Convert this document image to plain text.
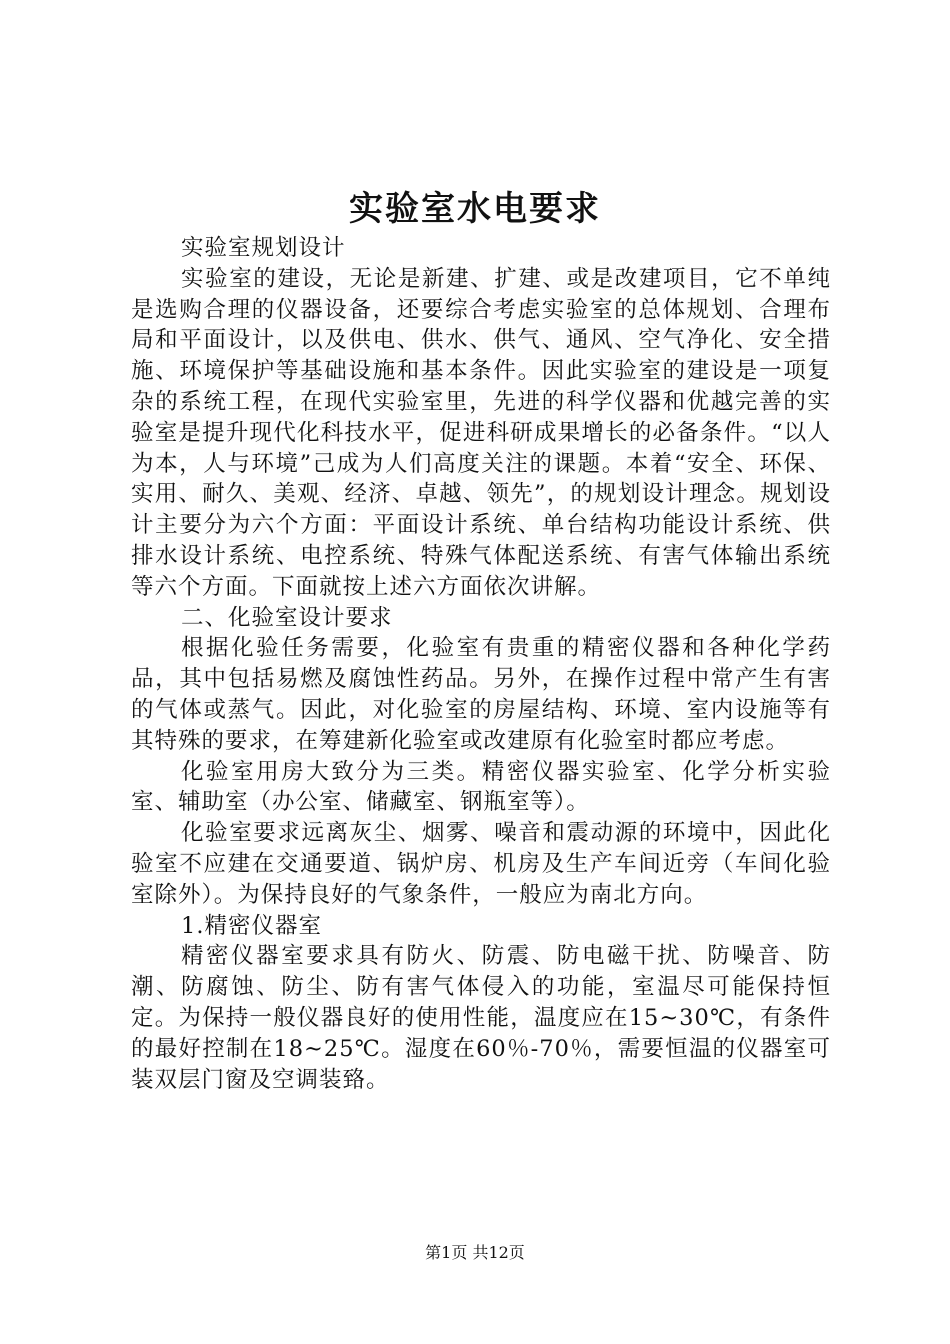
实验室水电要求

实验室规划设计

实验室的建设，无论是新建、扩建、或是改建项目，它不单纯是选购合理的仪器设备，还要综合考虑实验室的总体规划、合理布局和平面设计，以及供电、供水、供气、通风、空气净化、安全措施、环境保护等基础设施和基本条件。因此实验室的建设是一项复杂的系统工程，在现代实验室里，先进的科学仪器和优越完善的实验室是提升现代化科技水平，促进科研成果增长的必备条件。“以人为本，人与环境”己成为人们高度关注的课题。本着“安全、环保、实用、耐久、美观、经济、卓越、领先”，的规划设计理念。规划设计主要分为六个方面：平面设计系统、单台结构功能设计系统、供排水设计系统、电控系统、特殊气体配送系统、有害气体输出系统等六个方面。下面就按上述六方面依次讲解。

二、化验室设计要求

根据化验任务需要，化验室有贵重的精密仪器和各种化学药品，其中包括易燃及腐蚀性药品。另外，在操作过程中常产生有害的气体或蒸气。因此，对化验室的房屋结构、环境、室内设施等有其特殊的要求，在筹建新化验室或改建原有化验室时都应考虑。

化验室用房大致分为三类。精密仪器实验室、化学分析实验室、辅助室（办公室、储藏室、钢瓶室等）。

化验室要求远离灰尘、烟雾、噪音和震动源的环境中，因此化验室不应建在交通要道、锅炉房、机房及生产车间近旁（车间化验室除外）。为保持良好的气象条件，一般应为南北方向。

1.精密仪器室

精密仪器室要求具有防火、防震、防电磁干扰、防噪音、防潮、防腐蚀、防尘、防有害气体侵入的功能，室温尽可能保持恒定。为保持一般仪器良好的使用性能，温度应在15~30℃，有条件的最好控制在18~25℃。湿度在60％-70％，需要恒温的仪器室可装双层门窗及空调装臵。

第1页 共12页
